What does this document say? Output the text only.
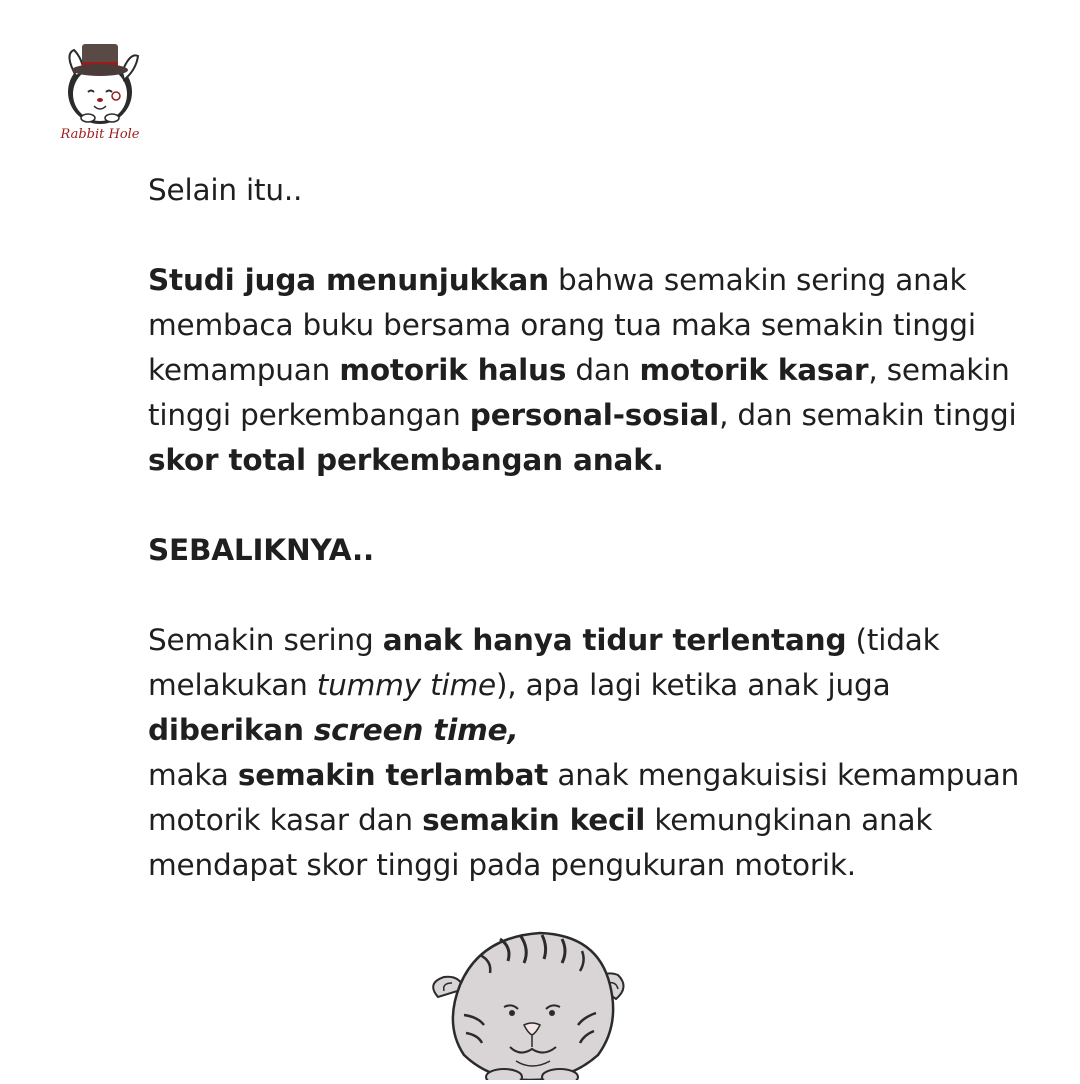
Rabbit Hole

Selain itu..

Studi juga menunjukkan bahwa semakin sering anak membaca buku bersama orang tua maka semakin tinggi kemampuan motorik halus dan motorik kasar, semakin tinggi perkembangan personal-sosial, dan semakin tinggi skor total perkembangan anak.

SEBALIKNYA..

Semakin sering anak hanya tidur terlentang (tidak melakukan tummy time), apa lagi ketika anak juga diberikan screen time,
maka semakin terlambat anak mengakuisisi kemampuan motorik kasar dan semakin kecil kemungkinan anak mendapat skor tinggi pada pengukuran motorik.
